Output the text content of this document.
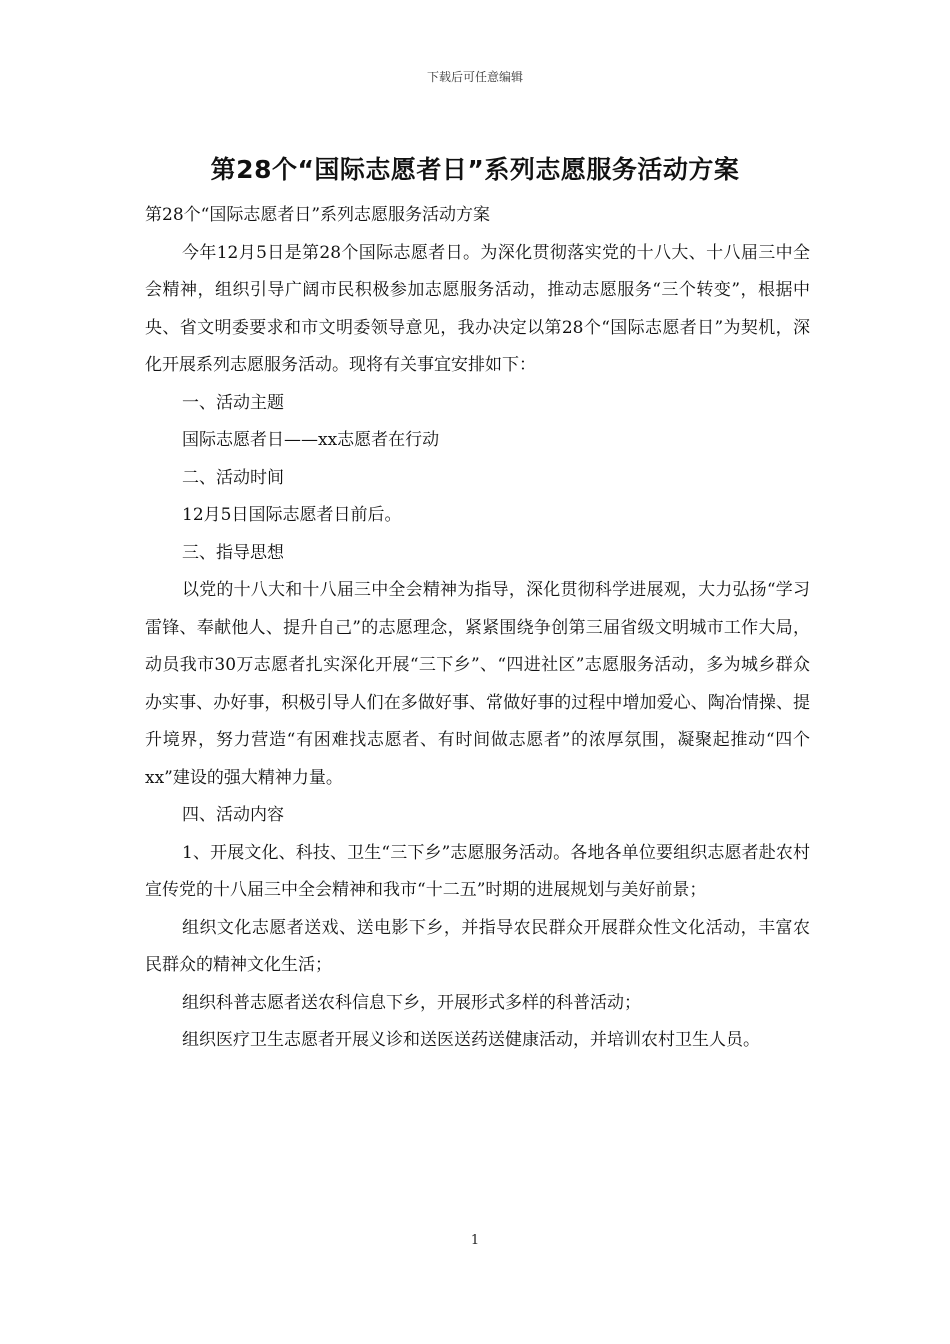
下载后可任意编辑
第28个“国际志愿者日”系列志愿服务活动方案

第28个“国际志愿者日”系列志愿服务活动方案

今年12月5日是第28个国际志愿者日。为深化贯彻落实党的十八大、十八届三中全会精神，组织引导广阔市民积极参加志愿服务活动，推动志愿服务“三个转变”，根据中央、省文明委要求和市文明委领导意见，我办决定以第28个“国际志愿者日”为契机，深化开展系列志愿服务活动。现将有关事宜安排如下：

一、活动主题

国际志愿者日——xx志愿者在行动

二、活动时间

12月5日国际志愿者日前后。

三、指导思想

以党的十八大和十八届三中全会精神为指导，深化贯彻科学进展观，大力弘扬“学习雷锋、奉献他人、提升自己”的志愿理念，紧紧围绕争创第三届省级文明城市工作大局，动员我市30万志愿者扎实深化开展“三下乡”、“四进社区”志愿服务活动，多为城乡群众办实事、办好事，积极引导人们在多做好事、常做好事的过程中增加爱心、陶冶情操、提升境界，努力营造“有困难找志愿者、有时间做志愿者”的浓厚氛围，凝聚起推动“四个xx”建设的强大精神力量。

四、活动内容

1、开展文化、科技、卫生“三下乡”志愿服务活动。各地各单位要组织志愿者赴农村宣传党的十八届三中全会精神和我市“十二五”时期的进展规划与美好前景；

组织文化志愿者送戏、送电影下乡，并指导农民群众开展群众性文化活动，丰富农民群众的精神文化生活；

组织科普志愿者送农科信息下乡，开展形式多样的科普活动；

组织医疗卫生志愿者开展义诊和送医送药送健康活动，并培训农村卫生人员。

1
